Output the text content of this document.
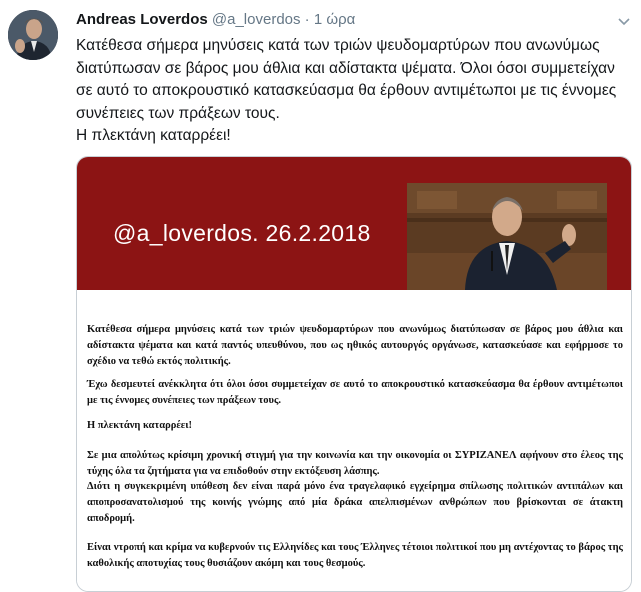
Andreas Loverdos @a_loverdos · 1 ώρα

Κατέθεσα σήμερα μηνύσεις κατά των τριών ψευδομαρτύρων που ανωνύμως διατύπωσαν σε βάρος μου άθλια και αδίστακτα ψέματα. Όλοι όσοι συμμετείχαν σε αυτό το αποκρουστικό κατασκεύασμα θα έρθουν αντιμέτωποι με τις έννομες συνέπειες των πράξεων τους.

Η πλεκτάνη καταρρέει!

@a_loverdos. 26.2.2018

Κατέθεσα σήμερα μηνύσεις κατά των τριών ψευδομαρτύρων που ανωνύμως διατύπωσαν σε βάρος μου άθλια και αδίστακτα ψέματα και κατά παντός υπευθύνου, που ως ηθικός αυτουργός οργάνωσε, κατασκεύασε και εφήρμοσε το σχέδιο να τεθώ εκτός πολιτικής.

Έχω δεσμευτεί ανέκκλητα ότι όλοι όσοι συμμετείχαν σε αυτό το αποκρουστικό κατασκεύασμα θα έρθουν αντιμέτωποι με τις έννομες συνέπειες των πράξεων τους.

Η πλεκτάνη καταρρέει!

Σε μια απολύτως κρίσιμη χρονική στιγμή για την κοινωνία και την οικονομία οι ΣΥΡΙΖΑΝΕΛ αφήνουν στο έλεος της τύχης όλα τα ζητήματα για να επιδοθούν στην εκτόξευση λάσπης.

Διότι η συγκεκριμένη υπόθεση δεν είναι παρά μόνο ένα τραγελαφικό εγχείρημα σπίλωσης πολιτικών αντιπάλων και αποπροσανατολισμού της κοινής γνώμης από μία δράκα απελπισμένων ανθρώπων που βρίσκονται σε άτακτη αποδρομή.

Είναι ντροπή και κρίμα να κυβερνούν τις Ελληνίδες και τους Έλληνες τέτοιοι πολιτικοί που μη αντέχοντας το βάρος της καθολικής αποτυχίας τους θυσιάζουν ακόμη και τους θεσμούς.
